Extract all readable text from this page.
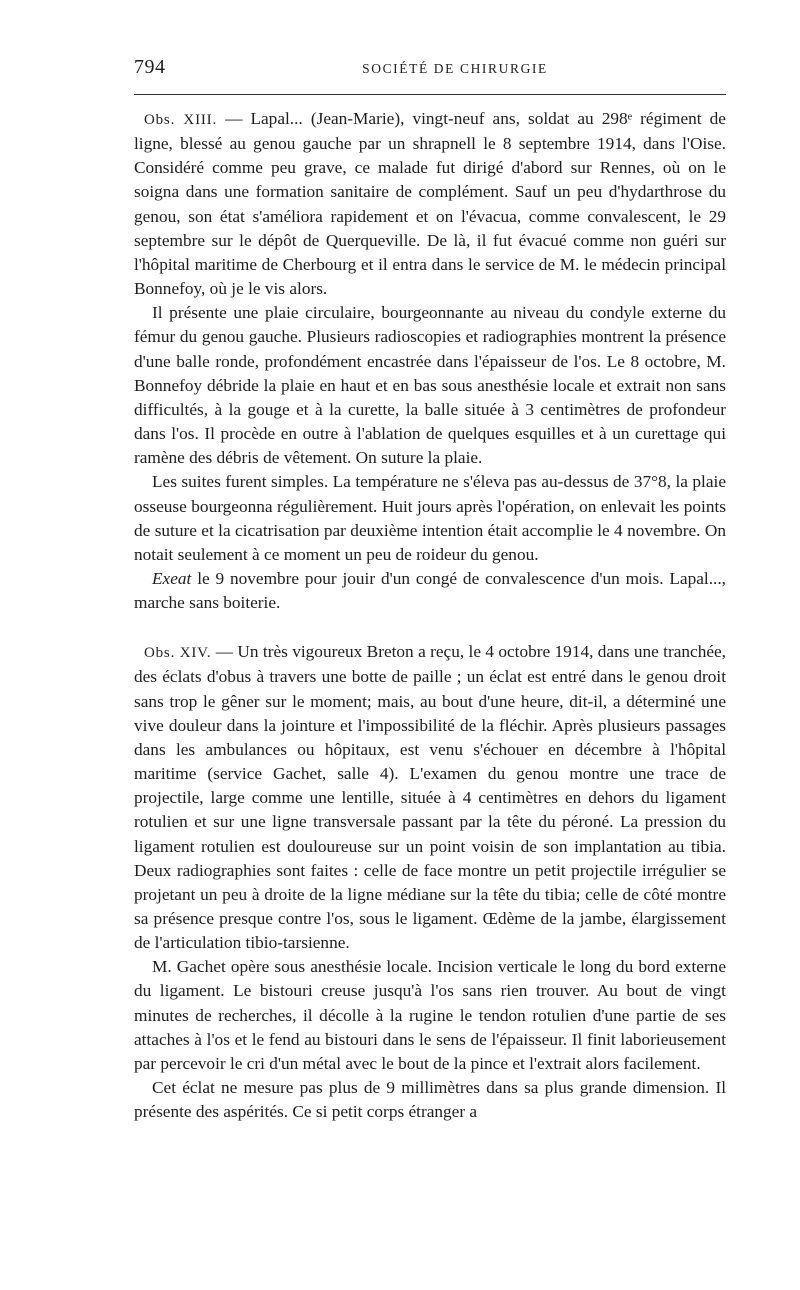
794	SOCIÉTÉ DE CHIRURGIE

Obs. XIII. — Lapal... (Jean-Marie), vingt-neuf ans, soldat au 298ᵉ régiment de ligne, blessé au genou gauche par un shrapnell le 8 septembre 1914, dans l'Oise. Considéré comme peu grave, ce malade fut dirigé d'abord sur Rennes, où on le soigna dans une formation sanitaire de complément. Sauf un peu d'hydarthrose du genou, son état s'améliora rapidement et on l'évacua, comme convalescent, le 29 septembre sur le dépôt de Querqueville. De là, il fut évacué comme non guéri sur l'hôpital maritime de Cherbourg et il entra dans le service de M. le médecin principal Bonnefoy, où je le vis alors.

Il présente une plaie circulaire, bourgeonnante au niveau du condyle externe du fémur du genou gauche. Plusieurs radioscopies et radiographies montrent la présence d'une balle ronde, profondément encastrée dans l'épaisseur de l'os. Le 8 octobre, M. Bonnefoy débride la plaie en haut et en bas sous anesthésie locale et extrait non sans difficultés, à la gouge et à la curette, la balle située à 3 centimètres de profondeur dans l'os. Il procède en outre à l'ablation de quelques esquilles et à un curettage qui ramène des débris de vêtement. On suture la plaie.

Les suites furent simples. La température ne s'éleva pas au-dessus de 37°8, la plaie osseuse bourgeonna régulièrement. Huit jours après l'opération, on enlevait les points de suture et la cicatrisation par deuxième intention était accomplie le 4 novembre. On notait seulement à ce moment un peu de roideur du genou.

Exeat le 9 novembre pour jouir d'un congé de convalescence d'un mois. Lapal..., marche sans boiterie.

Obs. XIV. — Un très vigoureux Breton a reçu, le 4 octobre 1914, dans une tranchée, des éclats d'obus à travers une botte de paille ; un éclat est entré dans le genou droit sans trop le gêner sur le moment; mais, au bout d'une heure, dit-il, a déterminé une vive douleur dans la jointure et l'impossibilité de la fléchir. Après plusieurs passages dans les ambulances ou hôpitaux, est venu s'échouer en décembre à l'hôpital maritime (service Gachet, salle 4). L'examen du genou montre une trace de projectile, large comme une lentille, située à 4 centimètres en dehors du ligament rotulien et sur une ligne transversale passant par la tête du péroné. La pression du ligament rotulien est douloureuse sur un point voisin de son implantation au tibia. Deux radiographies sont faites : celle de face montre un petit projectile irrégulier se projetant un peu à droite de la ligne médiane sur la tête du tibia; celle de côté montre sa présence presque contre l'os, sous le ligament. Œdème de la jambe, élargissement de l'articulation tibio-tarsienne.

M. Gachet opère sous anesthésie locale. Incision verticale le long du bord externe du ligament. Le bistouri creuse jusqu'à l'os sans rien trouver. Au bout de vingt minutes de recherches, il décolle à la rugine le tendon rotulien d'une partie de ses attaches à l'os et le fend au bistouri dans le sens de l'épaisseur. Il finit laborieusement par percevoir le cri d'un métal avec le bout de la pince et l'extrait alors facilement.

Cet éclat ne mesure pas plus de 9 millimètres dans sa plus grande dimension. Il présente des aspérités. Ce si petit corps étranger a
